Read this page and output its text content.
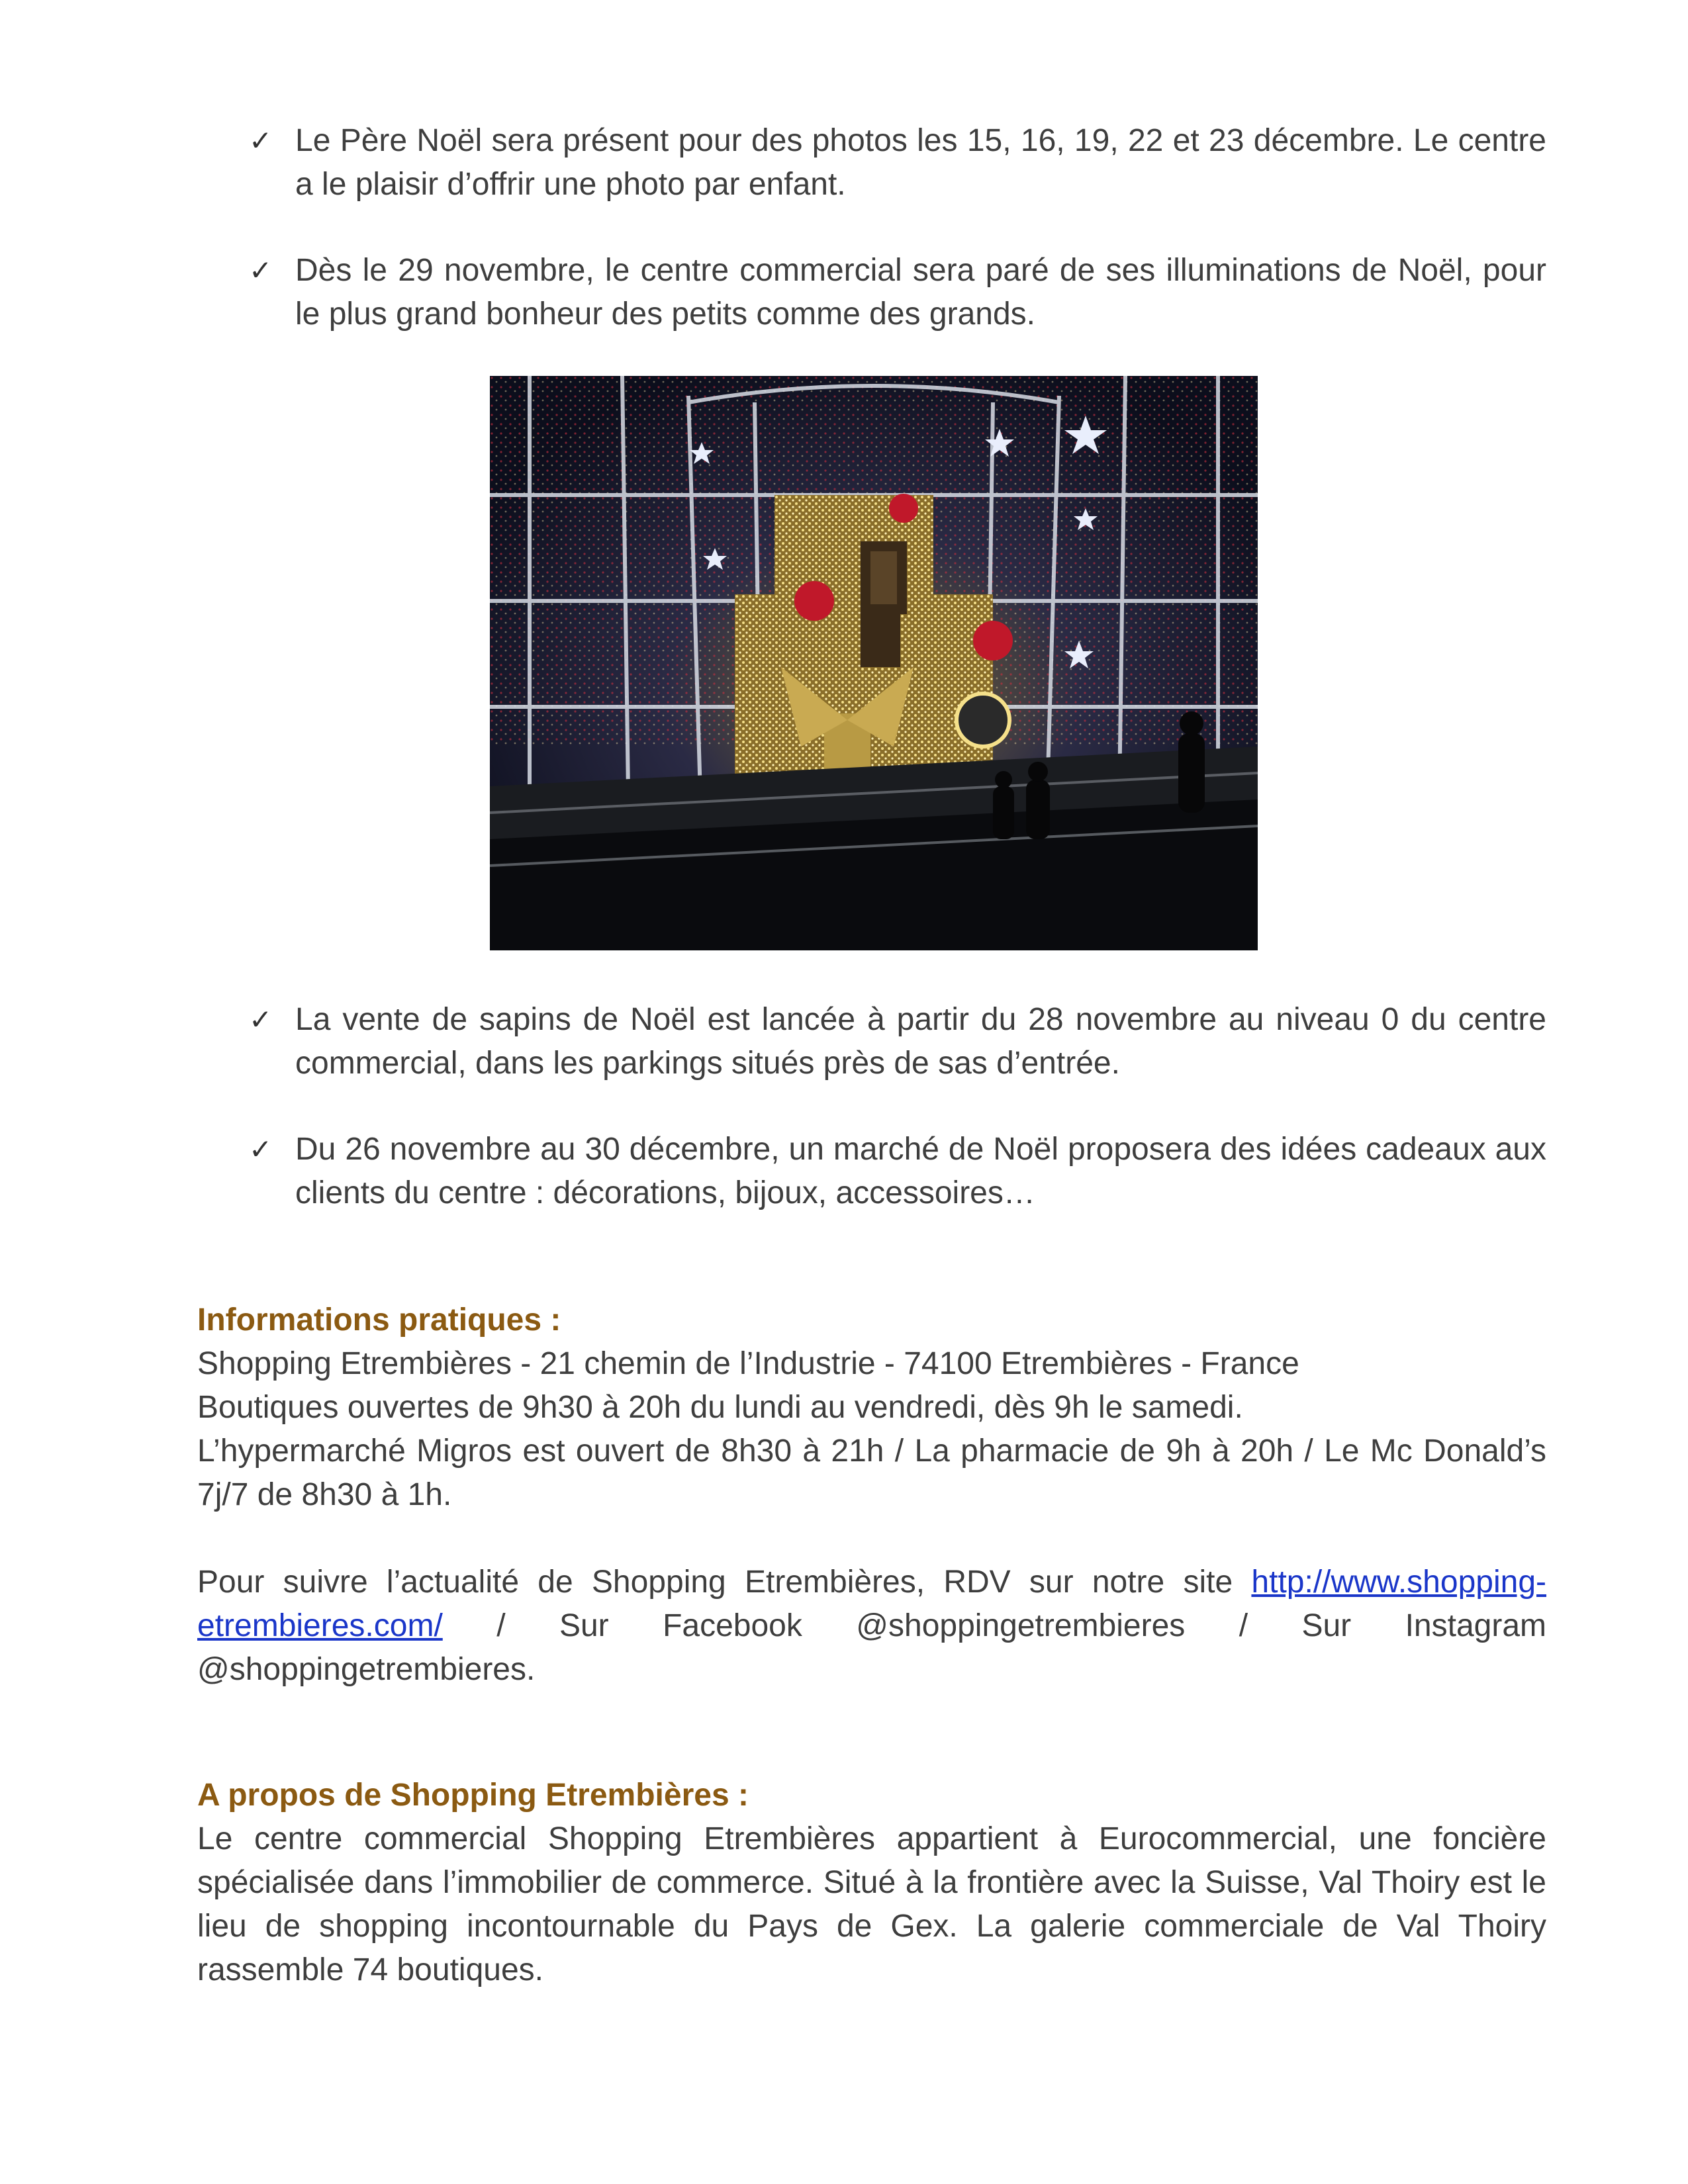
✓ Le Père Noël sera présent pour des photos les 15, 16, 19, 22 et 23 décembre. Le centre a le plaisir d’offrir une photo par enfant.
✓ Dès le 29 novembre, le centre commercial sera paré de ses illuminations de Noël, pour le plus grand bonheur des petits comme des grands.
✓ La vente de sapins de Noël est lancée à partir du 28 novembre au niveau 0 du centre commercial, dans les parkings situés près de sas d’entrée.
✓ Du 26 novembre au 30 décembre, un marché de Noël proposera des idées cadeaux aux clients du centre : décorations, bijoux, accessoires…
Informations pratiques :
Shopping Etrembières - 21 chemin de l’Industrie - 74100 Etrembières - France
Boutiques ouvertes de 9h30 à 20h du lundi au vendredi, dès 9h le samedi.
L’hypermarché Migros est ouvert de 8h30 à 21h / La pharmacie de 9h à 20h / Le Mc Donald’s 7j/7 de 8h30 à 1h.
Pour suivre l’actualité de Shopping Etrembières, RDV sur notre site http://www.shopping-etrembieres.com/ / Sur Facebook @shoppingetrembieres / Sur Instagram @shoppingetrembieres.
A propos de Shopping Etrembières :
Le centre commercial Shopping Etrembières appartient à Eurocommercial, une foncière spécialisée dans l’immobilier de commerce. Situé à la frontière avec la Suisse, Val Thoiry est le lieu de shopping incontournable du Pays de Gex. La galerie commerciale de Val Thoiry rassemble 74 boutiques.
